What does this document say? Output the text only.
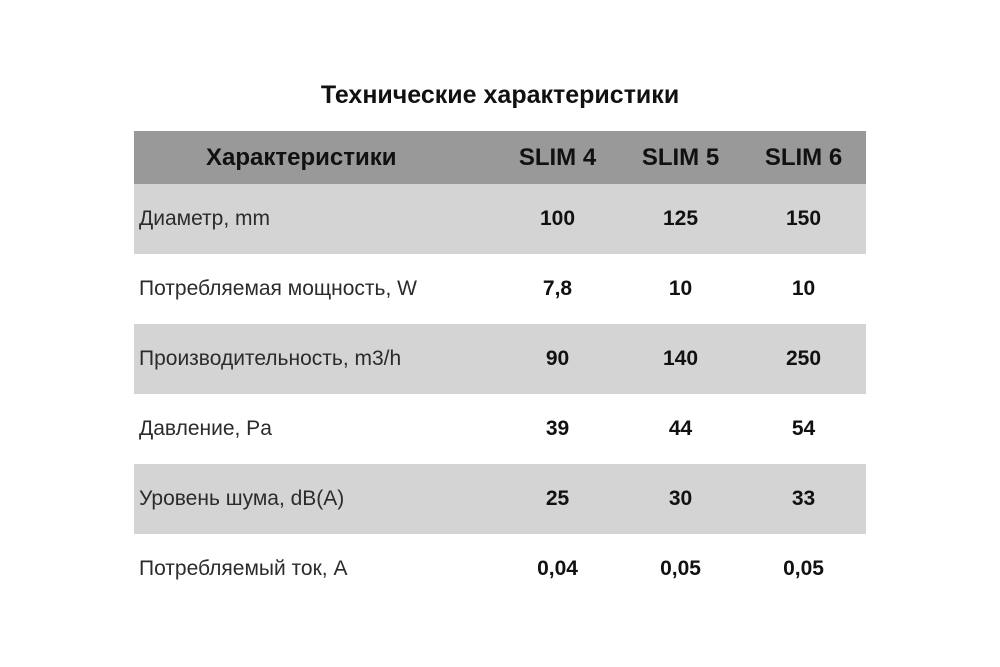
Технические характеристики
Характеристики	SLIM 4	SLIM 5	SLIM 6
Диаметр, mm	100	125	150
Потребляемая мощность, W	7,8	10	10
Производительность, m3/h	90	140	250
Давление, Pa	39	44	54
Уровень шума, dB(A)	25	30	33
Потребляемый ток, A	0,04	0,05	0,05
